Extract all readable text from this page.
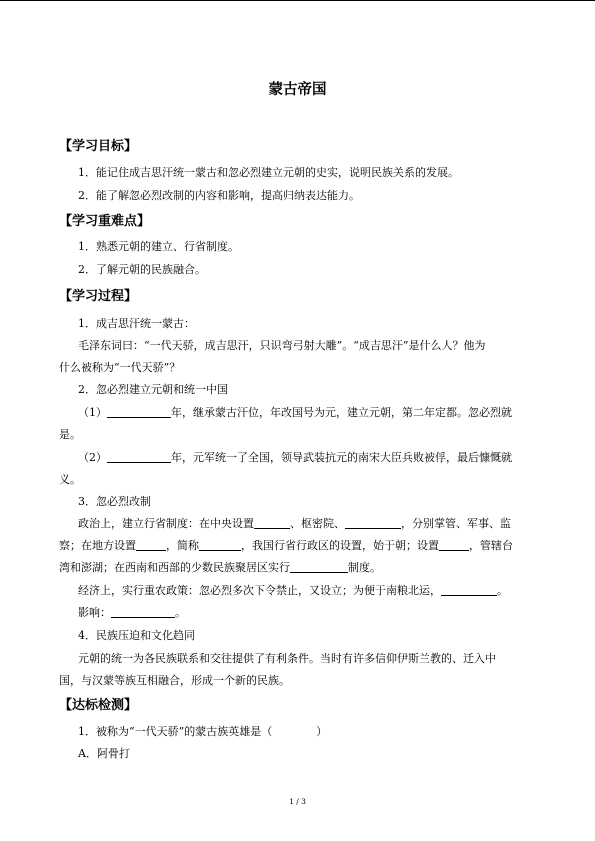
蒙古帝国
【学习目标】
1．能记住成吉思汗统一蒙古和忽必烈建立元朝的史实，说明民族关系的发展。
2．能了解忽必烈改制的内容和影响，提高归纳表达能力。
【学习重难点】
1．熟悉元朝的建立、行省制度。
2．了解元朝的民族融合。
【学习过程】
1．成吉思汗统一蒙古：
毛泽东词曰：“一代天骄，成吉思汗，只识弯弓射大雕”。“成吉思汗”是什么人？他为
什么被称为“一代天骄”？
2．忽必烈建立元朝和统一中国
（1）	年，继承蒙古汗位，年改国号为元，建立元朝，第二年定都。忽必烈就
是。
（2）	年，元军统一了全国，领导武装抗元的南宋大臣兵败被俘，最后慷慨就
义。
3．忽必烈改制
政治上，建立行省制度：在中央设置	、枢密院、	，分别掌管、军事、监
察；在地方设置	，简称	，我国行省行政区的设置，始于朝；设置	，管辖台
湾和澎湖；在西南和西部的少数民族聚居区实行	制度。
经济上，实行重农政策：忽必烈多次下令禁止，又设立；为便于南粮北运，	。
影响：	。
4．民族压迫和文化趋同
元朝的统一为各民族联系和交往提供了有利条件。当时有许多信仰伊斯兰教的、迁入中
国，与汉蒙等族互相融合，形成一个新的民族。
【达标检测】
1．被称为“一代天骄”的蒙古族英雄是（　　　　）
A．阿骨打
1 / 3
